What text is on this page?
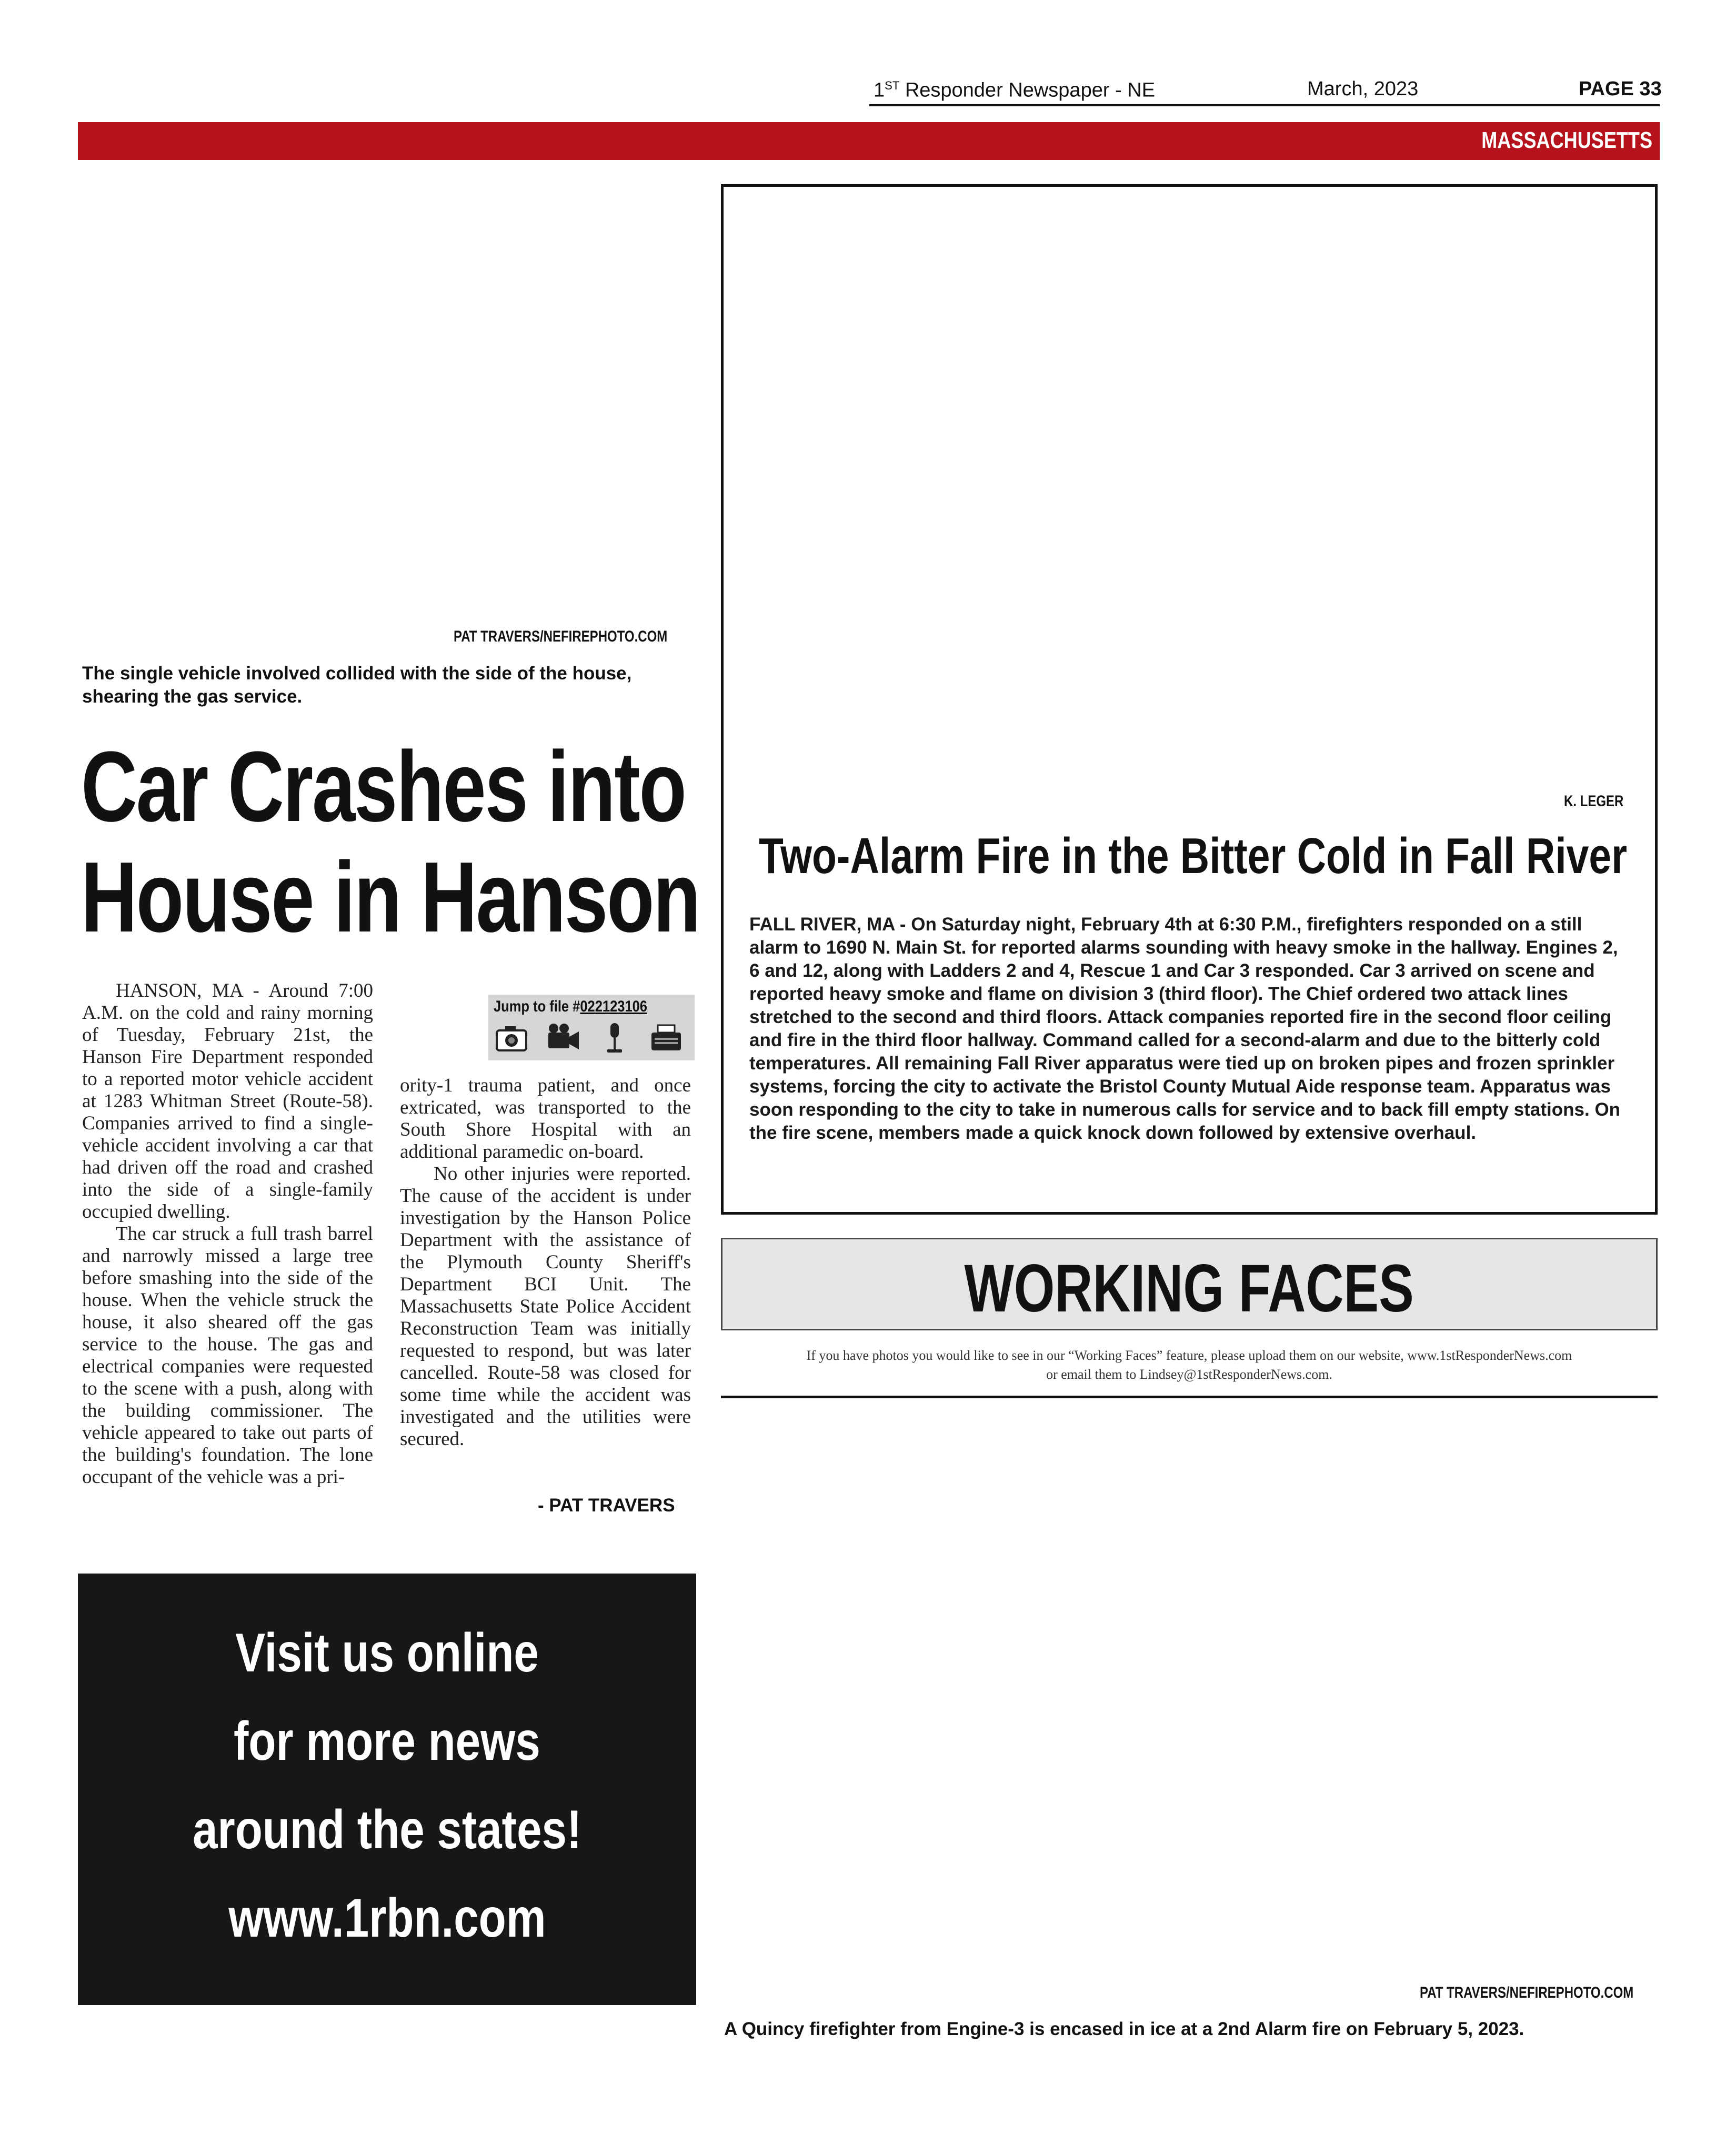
1ST Responder Newspaper - NE	March, 2023	PAGE 33
MASSACHUSETTS
PAT TRAVERS/NEFIREPHOTO.COM
The single vehicle involved collided with the side of the house, shearing the gas service.
Car Crashes into
House in Hanson

HANSON, MA - Around 7:00 A.M. on the cold and rainy morning of Tuesday, February 21st, the Hanson Fire Department responded to a reported motor vehicle accident at 1283 Whitman Street (Route-58). Companies arrived to find a single-vehicle accident involving a car that had driven off the road and crashed into the side of a single-family occupied dwelling.

The car struck a full trash barrel and narrowly missed a large tree before smashing into the side of the house. When the vehicle struck the house, it also sheared off the gas service to the house. The gas and electrical companies were requested to the scene with a push, along with the building commissioner. The vehicle appeared to take out parts of the building's foundation. The lone occupant of the vehicle was a pri-

Jump to file #022123106

ority-1 trauma patient, and once extricated, was transported to the South Shore Hospital with an additional paramedic on-board.

No other injuries were reported. The cause of the accident is under investigation by the Hanson Police Department with the assistance of the Plymouth County Sheriff's Department BCI Unit. The Massachusetts State Police Accident Reconstruction Team was initially requested to respond, but was later cancelled. Route-58 was closed for some time while the accident was investigated and the utilities were secured.

- PAT TRAVERS
Visit us online
for more news
around the states!
www.1rbn.com
K. LEGER
Two-Alarm Fire in the Bitter Cold in Fall River
FALL RIVER, MA - On Saturday night, February 4th at 6:30 P.M., firefighters responded on a still alarm to 1690 N. Main St. for reported alarms sounding with heavy smoke in the hallway. Engines 2, 6 and 12, along with Ladders 2 and 4, Rescue 1 and Car 3 responded. Car 3 arrived on scene and reported heavy smoke and flame on division 3 (third floor). The Chief ordered two attack lines stretched to the second and third floors. Attack companies reported fire in the second floor ceiling and fire in the third floor hallway. Command called for a second-alarm and due to the bitterly cold temperatures. All remaining Fall River apparatus were tied up on broken pipes and frozen sprinkler systems, forcing the city to activate the Bristol County Mutual Aide response team. Apparatus was soon responding to the city to take in numerous calls for service and to back fill empty stations. On the fire scene, members made a quick knock down followed by extensive overhaul.
WORKING FACES
If you have photos you would like to see in our “Working Faces” feature, please upload them on our website, www.1stResponderNews.com
or email them to Lindsey@1stResponderNews.com.
PAT TRAVERS/NEFIREPHOTO.COM
A Quincy firefighter from Engine-3 is encased in ice at a 2nd Alarm fire on February 5, 2023.
